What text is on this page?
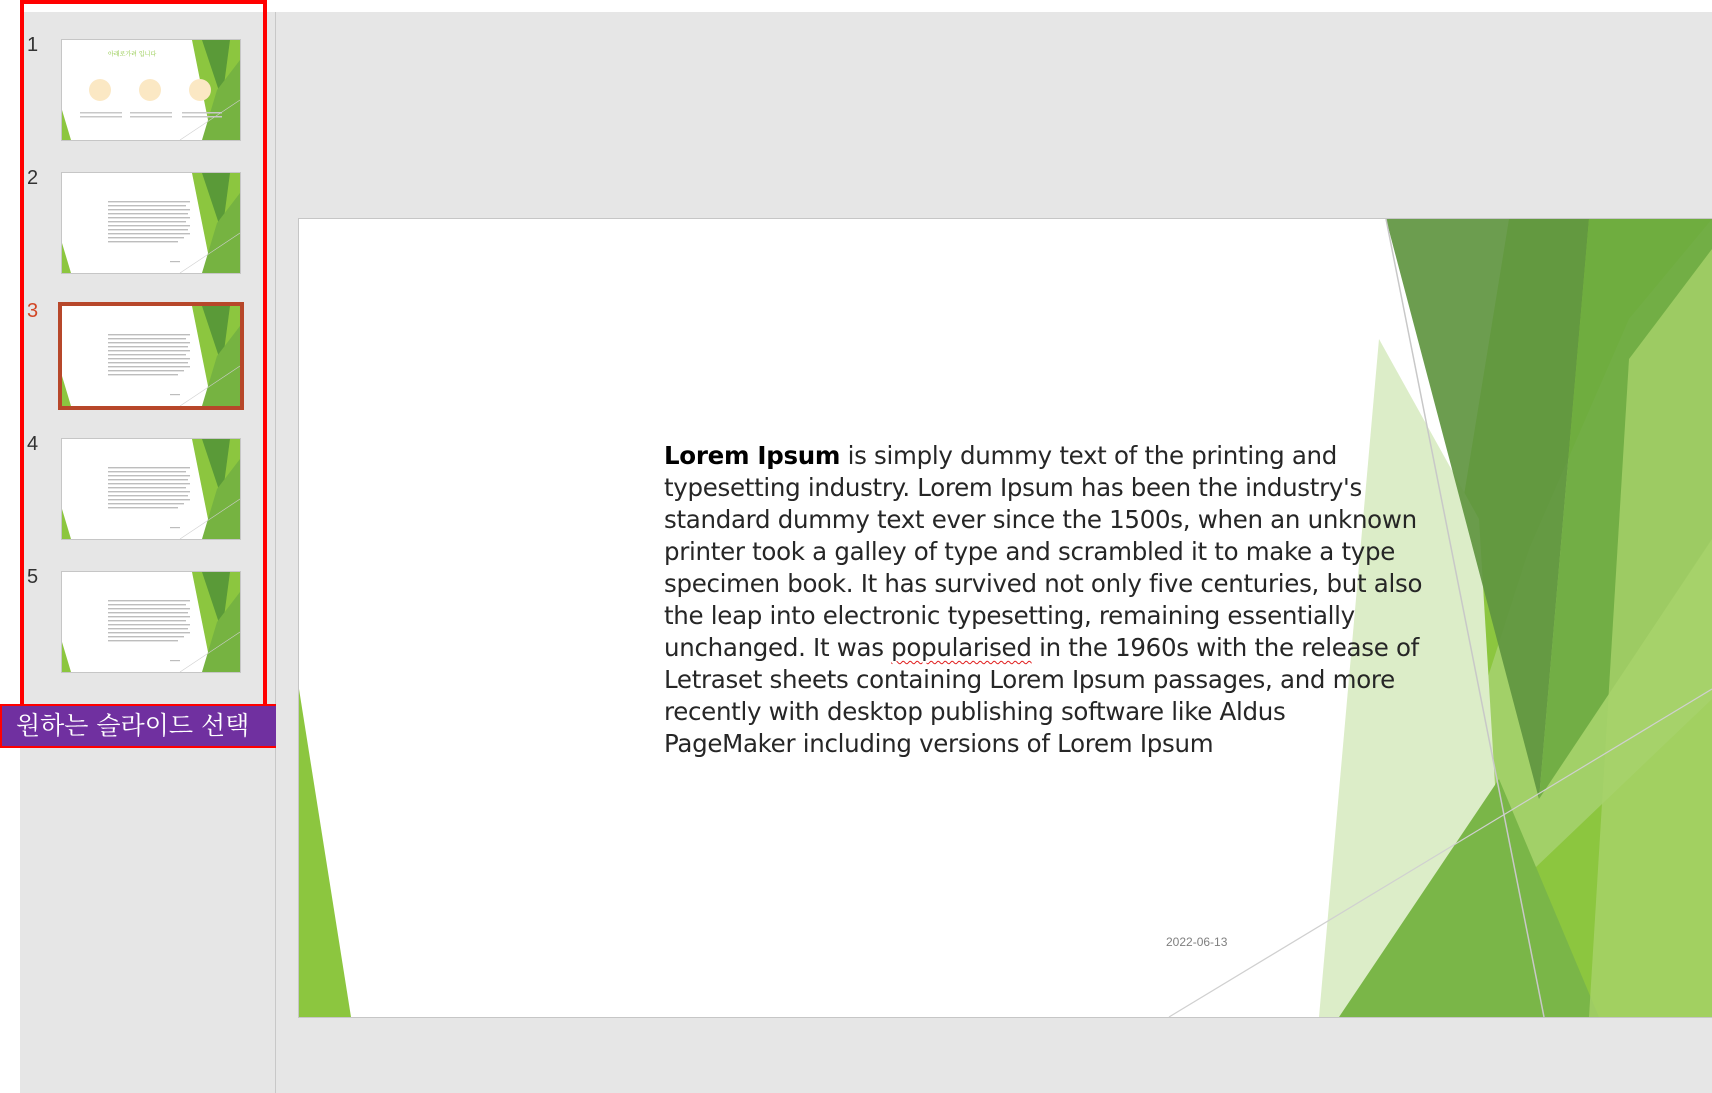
1
2
3
4
5
아래로가려 입니다
원하는 슬라이드 선택
Lorem Ipsum is simply dummy text of the printing and typesetting industry. Lorem Ipsum has been the industry's standard dummy text ever since the 1500s, when an unknown printer took a galley of type and scrambled it to make a type specimen book. It has survived not only five centuries, but also the leap into electronic typesetting, remaining essentially unchanged. It was popularised in the 1960s with the release of Letraset sheets containing Lorem Ipsum passages, and more recently with desktop publishing software like Aldus PageMaker including versions of Lorem Ipsum
2022-06-13
